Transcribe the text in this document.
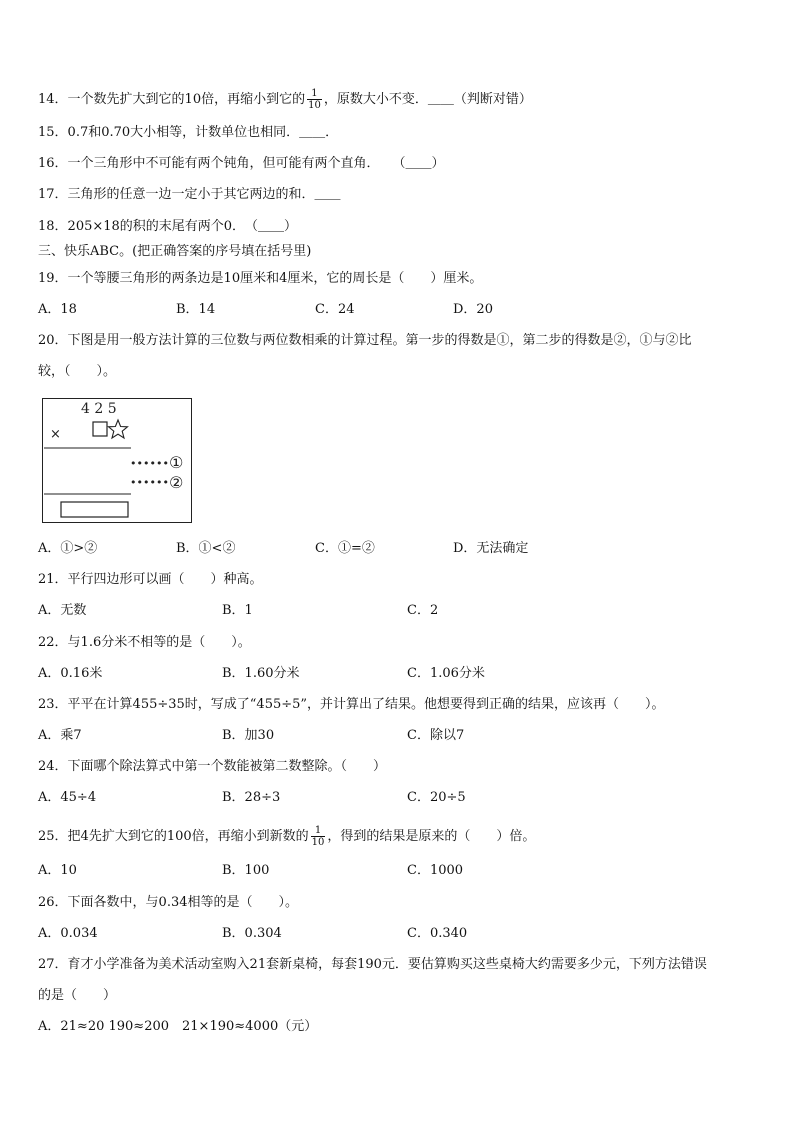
14．一个数先扩大到它的10倍，再缩小到它的 $\frac{1}{10}$ ，原数大小不变．＿＿（判断对错）
15．0.7和0.70大小相等，计数单位也相同．＿＿．
16．一个三角形中不可能有两个钝角，但可能有两个直角．　　（＿＿）
17．三角形的任意一边一定小于其它两边的和．＿＿
18．205×18的积的末尾有两个0．　（＿＿）
三、快乐ABC。(把正确答案的序号填在括号里)
19．一个等腰三角形的两条边是10厘米和4厘米，它的周长是（　　）厘米。
A．18	B．14	C．24	D．20
20．下图是用一般方法计算的三位数与两位数相乘的计算过程。第一步的得数是①，第二步的得数是②，①与②比
较，（　　）。
4 2 5
×
•••••• ①
•••••• ②
A．①>②	B．①<②	C．①=②	D．无法确定
21．平行四边形可以画（　　）种高。
A．无数	B．1	C．2
22．与1.6分米不相等的是（　　）。
A．0.16米	B．1.60分米	C．1.06分米
23．平平在计算455÷35时，写成了“455÷5”，并计算出了结果。他想要得到正确的结果，应该再（　　）。
A．乘7	B．加30	C．除以7
24．下面哪个除法算式中第一个数能被第二数整除。（　　）
A．45÷4	B．28÷3	C．20÷5
25．把4先扩大到它的100倍，再缩小到新数的 $\frac{1}{10}$ ，得到的结果是原来的（　　）倍。
A．10	B．100	C．1000
26．下面各数中，与0.34相等的是（　　）。
A．0.034	B．0.304	C．0.340
27．育才小学准备为美术活动室购入21套新桌椅，每套190元．要估算购买这些桌椅大约需要多少元，下列方法错误
的是（　　）
A．21≈20 190≈200　21×190≈4000（元）
